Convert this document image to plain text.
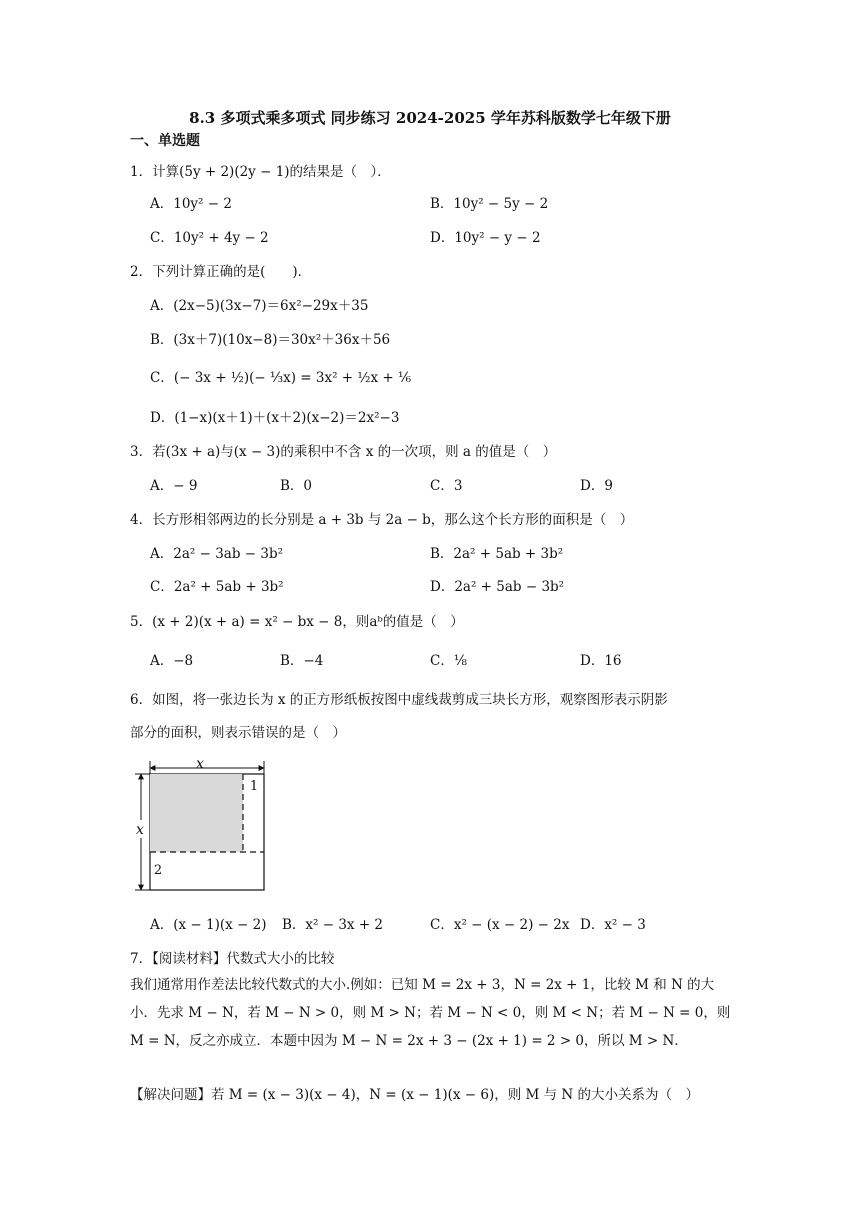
8.3 多项式乘多项式 同步练习 2024-2025 学年苏科版数学七年级下册
一、单选题
1．计算(5y + 2)(2y − 1)的结果是（　）．
A．10y² − 2	B．10y² − 5y − 2
C．10y² + 4y − 2	D．10y² − y − 2
2．下列计算正确的是(　　)．
A．(2x−5)(3x−7)＝6x²−29x＋35
B．(3x＋7)(10x−8)＝30x²＋36x＋56
C．(− 3x + ½)(− ⅓x) = 3x² + ½x + ⅙
D．(1−x)(x＋1)＋(x＋2)(x−2)＝2x²−3
3．若(3x + a)与(x − 3)的乘积中不含 x 的一次项，则 a 的值是（　）
A．− 9	B．0	C．3	D．9
4．长方形相邻两边的长分别是 a + 3b 与 2a − b，那么这个长方形的面积是（　）
A．2a² − 3ab − 3b²	B．2a² + 5ab + 3b²
C．2a² + 5ab + 3b²	D．2a² + 5ab − 3b²
5．(x + 2)(x + a) = x² − bx − 8，则aᵇ的值是（　）
A．−8	B．−4	C．⅛	D．16
6．如图，将一张边长为 x 的正方形纸板按图中虚线裁剪成三块长方形，观察图形表示阴影
部分的面积，则表示错误的是（　）
x
x
1
2
A．(x − 1)(x − 2) B．x² − 3x + 2	C．x² − (x − 2) − 2x D．x² − 3
7．【阅读材料】代数式大小的比较
我们通常用作差法比较代数式的大小.例如：已知 M = 2x + 3，N = 2x + 1，比较 M 和 N 的大小．先求 M − N，若 M − N > 0，则 M > N；若 M − N < 0，则 M < N；若 M − N = 0，则 M = N，反之亦成立．本题中因为 M − N = 2x + 3 − (2x + 1) = 2 > 0，所以 M > N．
【解决问题】若 M = (x − 3)(x − 4)，N = (x − 1)(x − 6)，则 M 与 N 的大小关系为（　）
